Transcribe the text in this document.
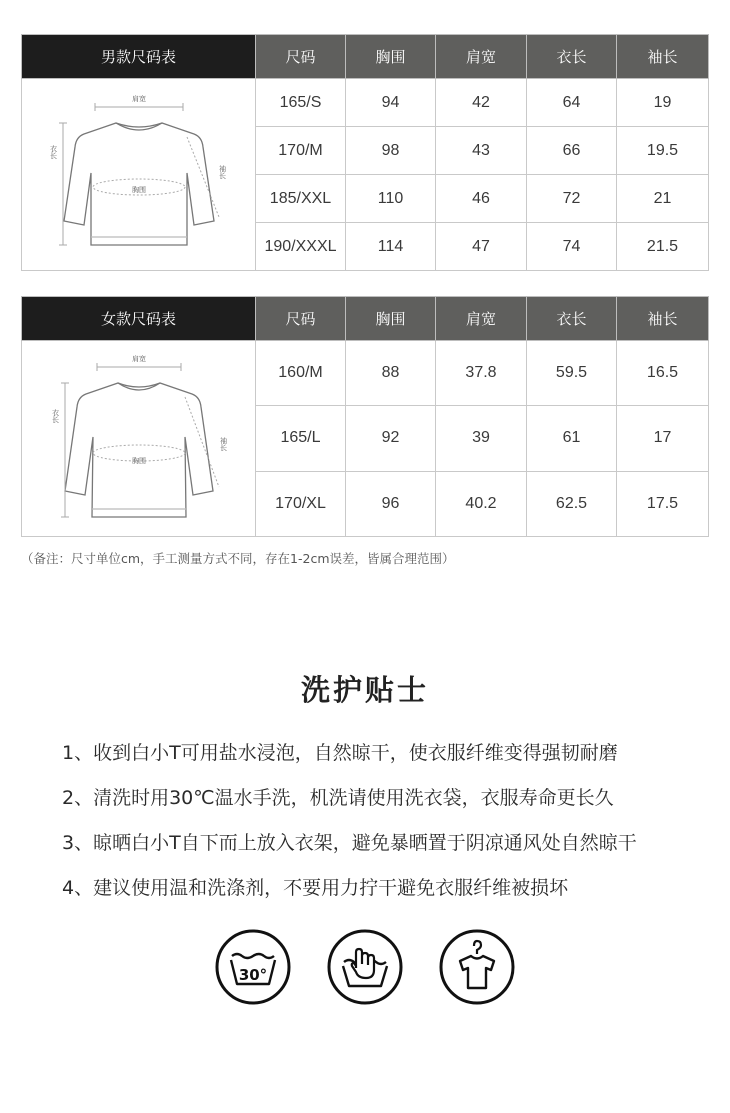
男款尺码表	尺码	胸围	肩宽	衣长	袖长

肩宽
衣长
胸围
袖长	165/S	94	42	64	19
	170/M	98	43	66	19.5
	185/XXL	110	46	72	21
	190/XXXL	114	47	74	21.5
女款尺码表	尺码	胸围	肩宽	衣长	袖长

肩宽
衣长
胸围
袖长	160/M	88	37.8	59.5	16.5
	165/L	92	39	61	17
	170/XL	96	40.2	62.5	17.5
（备注：尺寸单位cm，手工测量方式不同，存在1-2cm误差，皆属合理范围）
洗护贴士
1、收到白小T可用盐水浸泡，自然晾干，使衣服纤维变得强韧耐磨
2、清洗时用30℃温水手洗，机洗请使用洗衣袋，衣服寿命更长久
3、晾晒白小T自下而上放入衣架，避免暴晒置于阴凉通风处自然晾干
4、建议使用温和洗涤剂，不要用力拧干避免衣服纤维被损坏
30°
